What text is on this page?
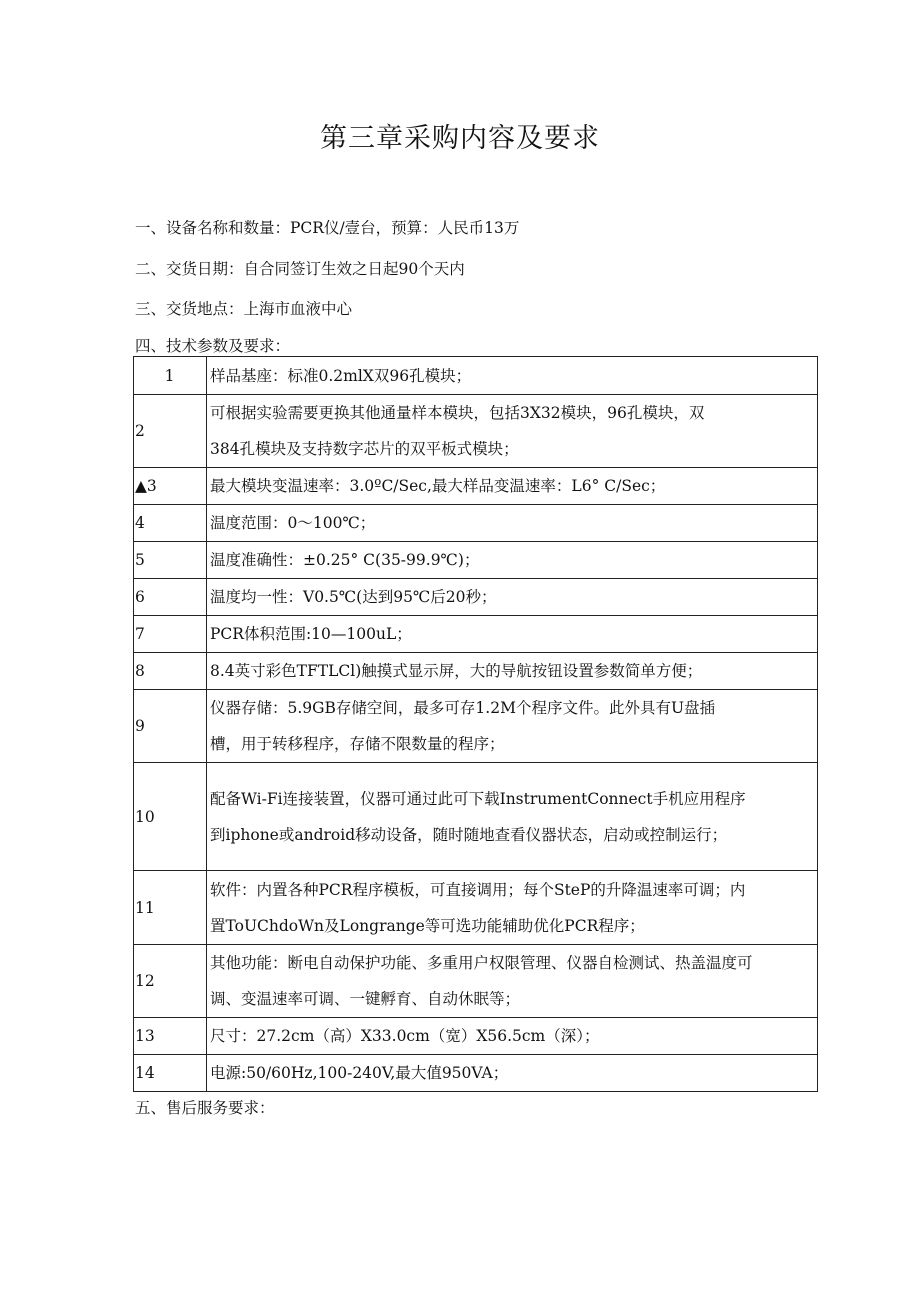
第三章采购内容及要求
一、设备名称和数量：PCR仪/壹台，预算：人民币13万
二、交货日期：自合同签订生效之日起90个天内
三、交货地点：上海市血液中心
四、技术参数及要求：
1	样品基座：标准0.2mlX双96孔模块；
2	可根据实验需要更换其他通量样本模块，包括3X32模块，96孔模块，双
384孔模块及支持数字芯片的双平板式模块；

▲3	最大模块变温速率：3.0ºC/Sec,最大样品变温速率：L6° C/Sec；
4	温度范围：0～100℃；
5	温度准确性：±0.25° C(35-99.9℃)；
6	温度均一性：V0.5℃(达到95℃后20秒；
7	PCR体积范围:10—100uL；
8	8.4英寸彩色TFTLCl)触摸式显示屏，大的导航按钮设置参数简单方便；
9	仪器存储：5.9GB存储空间，最多可存1.2M个程序文件。此外具有U盘插
槽，用于转移程序，存储不限数量的程序；

10	配备Wi-Fi连接装置，仪器可通过此可下载InstrumentConnect手机应用程序
到iphone或android移动设备，随时随地查看仪器状态，启动或控制运行；

11	软件：内置各种PCR程序模板，可直接调用；每个SteP的升降温速率可调；内
置ToUChdoWn及Longrange等可选功能辅助优化PCR程序；

12	其他功能：断电自动保护功能、多重用户权限管理、仪器自检测试、热盖温度可
调、变温速率可调、一键孵育、自动休眠等；

13	尺寸：27.2cm（高）X33.0cm（宽）X56.5cm（深）；
14	电源:50/60Hz,100-240V,最大值950VA；
五、售后服务要求：
